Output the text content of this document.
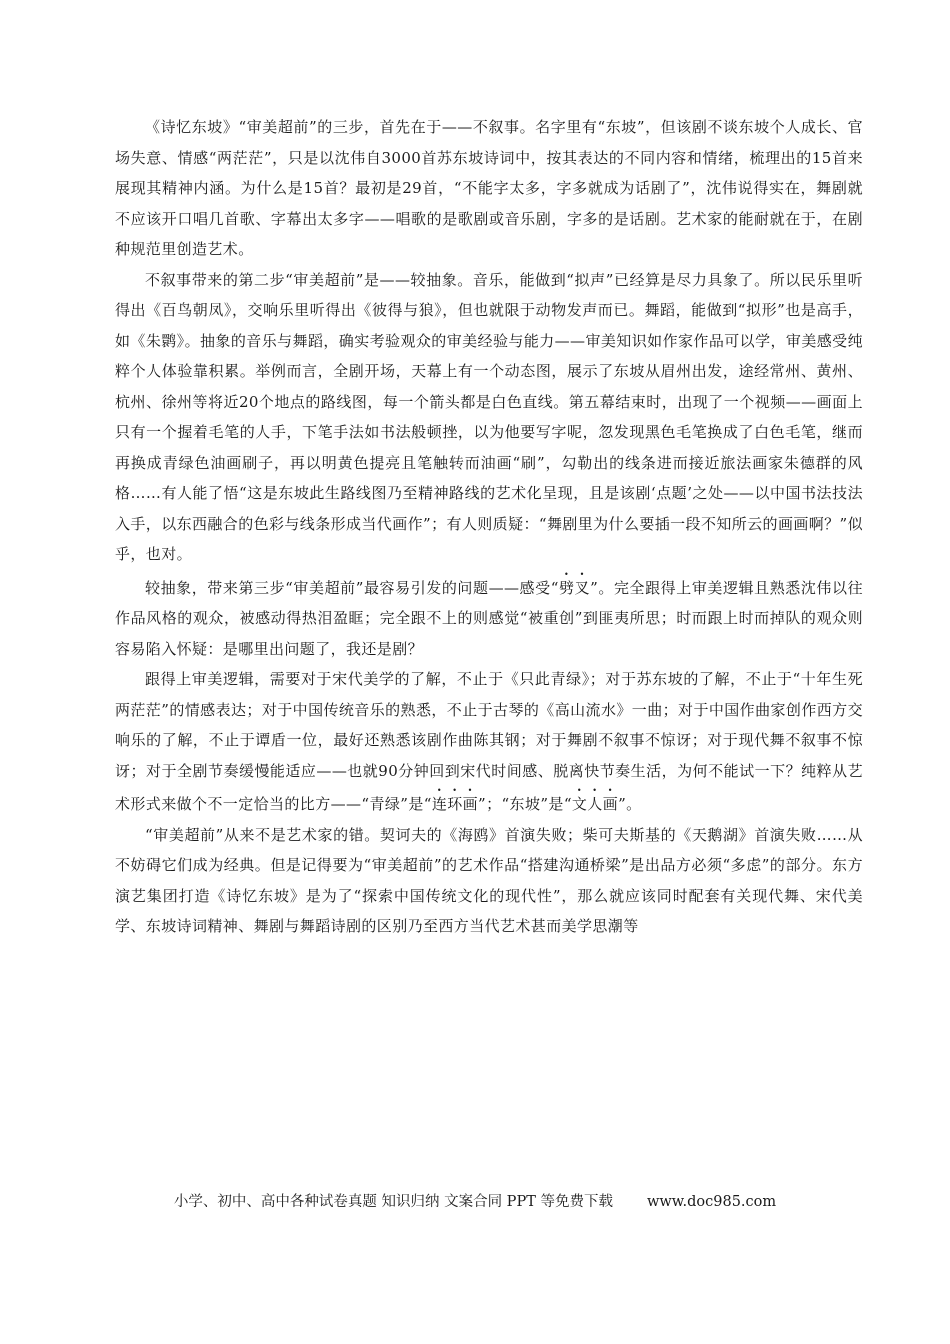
《诗忆东坡》“审美超前”的三步，首先在于——不叙事。名字里有“东坡”，但该剧不谈东坡个人成长、官场失意、情感“两茫茫”，只是以沈伟自3000首苏东坡诗词中，按其表达的不同内容和情绪，梳理出的15首来展现其精神内涵。为什么是15首？最初是29首，“不能字太多，字多就成为话剧了”，沈伟说得实在，舞剧就不应该开口唱几首歌、字幕出太多字——唱歌的是歌剧或音乐剧，字多的是话剧。艺术家的能耐就在于，在剧种规范里创造艺术。

不叙事带来的第二步“审美超前”是——较抽象。音乐，能做到“拟声”已经算是尽力具象了。所以民乐里听得出《百鸟朝凤》，交响乐里听得出《彼得与狼》，但也就限于动物发声而已。舞蹈，能做到“拟形”也是高手，如《朱鹮》。抽象的音乐与舞蹈，确实考验观众的审美经验与能力——审美知识如作家作品可以学，审美感受纯粹个人体验靠积累。举例而言，全剧开场，天幕上有一个动态图，展示了东坡从眉州出发，途经常州、黄州、杭州、徐州等将近20个地点的路线图，每一个箭头都是白色直线。第五幕结束时，出现了一个视频——画面上只有一个握着毛笔的人手，下笔手法如书法般顿挫，以为他要写字呢，忽发现黑色毛笔换成了白色毛笔，继而再换成青绿色油画刷子，再以明黄色提亮且笔触转而油画“刷”，勾勒出的线条进而接近旅法画家朱德群的风格……有人能了悟“这是东坡此生路线图乃至精神路线的艺术化呈现，且是该剧‘点题’之处——以中国书法技法入手，以东西融合的色彩与线条形成当代画作”；有人则质疑：“舞剧里为什么要插一段不知所云的画画啊？”似乎，也对。

较抽象，带来第三步“审美超前”最容易引发的问题——感受“劈叉”。完全跟得上审美逻辑且熟悉沈伟以往作品风格的观众，被感动得热泪盈眶；完全跟不上的则感觉“被重创”到匪夷所思；时而跟上时而掉队的观众则容易陷入怀疑：是哪里出问题了，我还是剧？

跟得上审美逻辑，需要对于宋代美学的了解，不止于《只此青绿》；对于苏东坡的了解，不止于“十年生死两茫茫”的情感表达；对于中国传统音乐的熟悉，不止于古琴的《高山流水》一曲；对于中国作曲家创作西方交响乐的了解，不止于谭盾一位，最好还熟悉该剧作曲陈其钢；对于舞剧不叙事不惊讶；对于现代舞不叙事不惊讶；对于全剧节奏缓慢能适应——也就90分钟回到宋代时间感、脱离快节奏生活，为何不能试一下？纯粹从艺术形式来做个不一定恰当的比方——“青绿”是“连环画”；“东坡”是“文人画”。

“审美超前”从来不是艺术家的错。契诃夫的《海鸥》首演失败；柴可夫斯基的《天鹅湖》首演失败……从不妨碍它们成为经典。但是记得要为“审美超前”的艺术作品“搭建沟通桥梁”是出品方必须“多虑”的部分。东方演艺集团打造《诗忆东坡》是为了“探索中国传统文化的现代性”，那么就应该同时配套有关现代舞、宋代美学、东坡诗词精神、舞剧与舞蹈诗剧的区别乃至西方当代艺术甚而美学思潮等

小学、初中、高中各种试卷真题 知识归纳 文案合同 PPT 等免费下载 www.doc985.com
